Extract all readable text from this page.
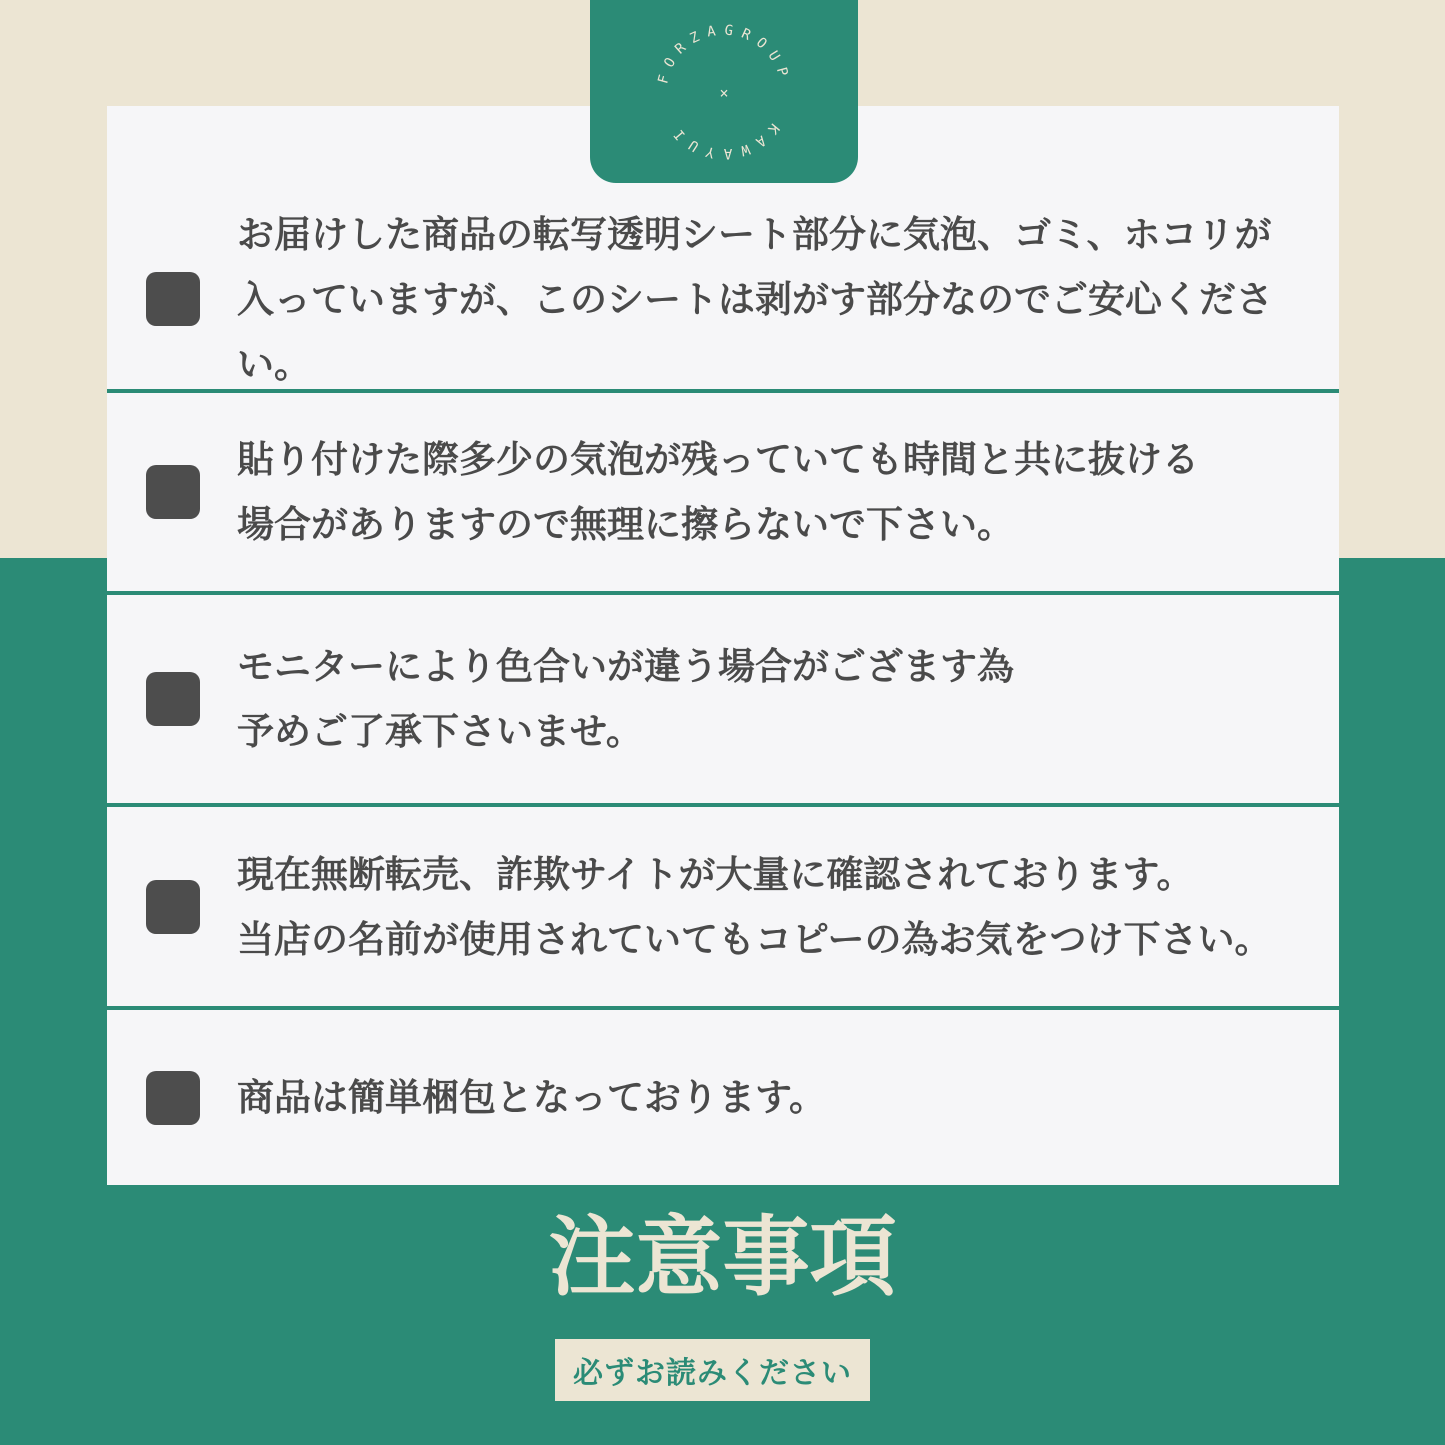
お届けした商品の転写透明シート部分に気泡、ゴミ、ホコリが
入っていますが、このシートは剥がす部分なのでご安心ください。
貼り付けた際多少の気泡が残っていても時間と共に抜ける
場合がありますので無理に擦らないで下さい。
モニターにより色合いが違う場合がござます為
予めご了承下さいませ。
現在無断転売、詐欺サイトが大量に確認されております。
当店の名前が使用されていてもコピーの為お気をつけ下さい。
商品は簡単梱包となっております。
FORZAGROUP
KAWAYUI
×
注意事項
必ずお読みください
